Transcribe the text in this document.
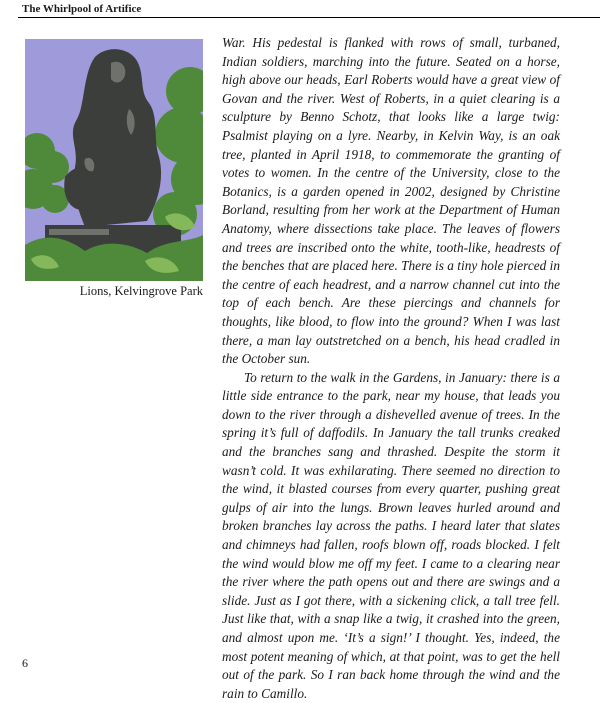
The Whirlpool of Artifice
Lions, Kelvingrove Park

War. His pedestal is flanked with rows of small, turbaned, Indian soldiers, marching into the future. Seated on a horse, high above our heads, Earl Roberts would have a great view of Govan and the river. West of Roberts, in a quiet clearing is a sculpture by Benno Schotz, that looks like a large twig: Psalmist playing on a lyre. Nearby, in Kelvin Way, is an oak tree, planted in April 1918, to commemorate the granting of votes to women. In the centre of the University, close to the Botanics, is a garden opened in 2002, designed by Christine Borland, resulting from her work at the Department of Human Anatomy, where dissections take place. The leaves of flowers and trees are inscribed onto the white, tooth-like, headrests of the benches that are placed here. There is a tiny hole pierced in the centre of each headrest, and a narrow channel cut into the top of each bench. Are these piercings and channels for thoughts, like blood, to flow into the ground? When I was last there, a man lay outstretched on a bench, his head cradled in the October sun.

To return to the walk in the Gardens, in January: there is a little side entrance to the park, near my house, that leads you down to the river through a dishevelled avenue of trees. In the spring it’s full of daffodils. In January the tall trunks creaked and the branches sang and thrashed. Despite the storm it wasn’t cold. It was exhilarating. There seemed no direction to the wind, it blasted courses from every quarter, pushing great gulps of air into the lungs. Brown leaves hurled around and broken branches lay across the paths. I heard later that slates and chimneys had fallen, roofs blown off, roads blocked. I felt the wind would blow me off my feet. I came to a clearing near the river where the path opens out and there are swings and a slide. Just as I got there, with a sickening click, a tall tree fell. Just like that, with a snap like a twig, it crashed into the green, and almost upon me. ‘It’s a sign!’ I thought. Yes, indeed, the most potent meaning of which, at that point, was to get the hell out of the park. So I ran back home through the wind and the rain to Camillo.

6
